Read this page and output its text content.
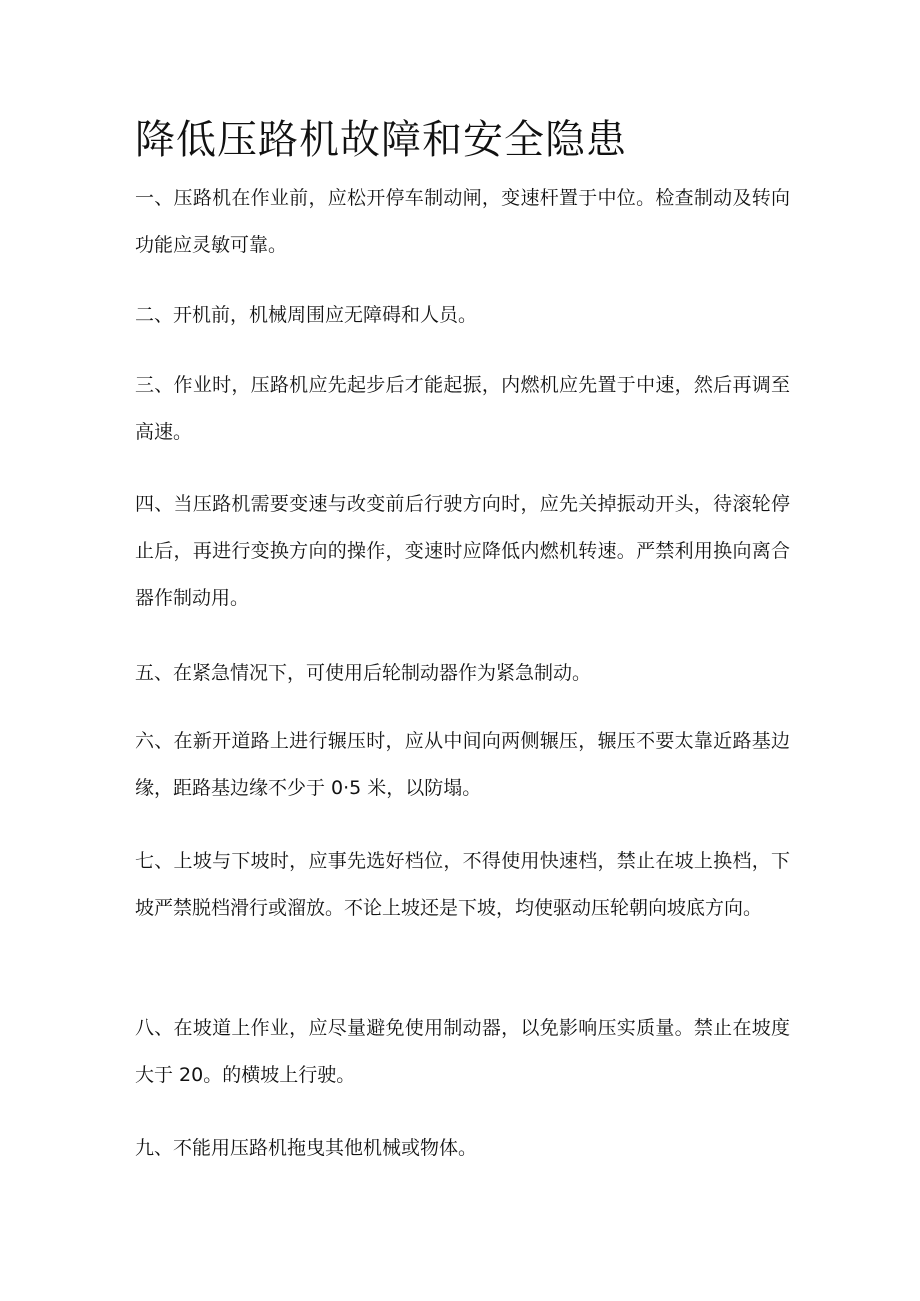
降低压路机故障和安全隐患

一、压路机在作业前，应松开停车制动闸，变速杆置于中位。检查制动及转向功能应灵敏可靠。

二、开机前，机械周围应无障碍和人员。

三、作业时，压路机应先起步后才能起振，内燃机应先置于中速，然后再调至高速。

四、当压路机需要变速与改变前后行驶方向时，应先关掉振动开头，待滚轮停止后，再进行变换方向的操作，变速时应降低内燃机转速。严禁利用换向离合器作制动用。

五、在紧急情况下，可使用后轮制动器作为紧急制动。

六、在新开道路上进行辗压时，应从中间向两侧辗压，辗压不要太靠近路基边缘，距路基边缘不少于 0·5 米，以防塌。

七、上坡与下坡时，应事先选好档位，不得使用快速档，禁止在坡上换档，下坡严禁脱档滑行或溜放。不论上坡还是下坡，均使驱动压轮朝向坡底方向。

八、在坡道上作业，应尽量避免使用制动器，以免影响压实质量。禁止在坡度大于 20。的横坡上行驶。

九、不能用压路机拖曳其他机械或物体。
